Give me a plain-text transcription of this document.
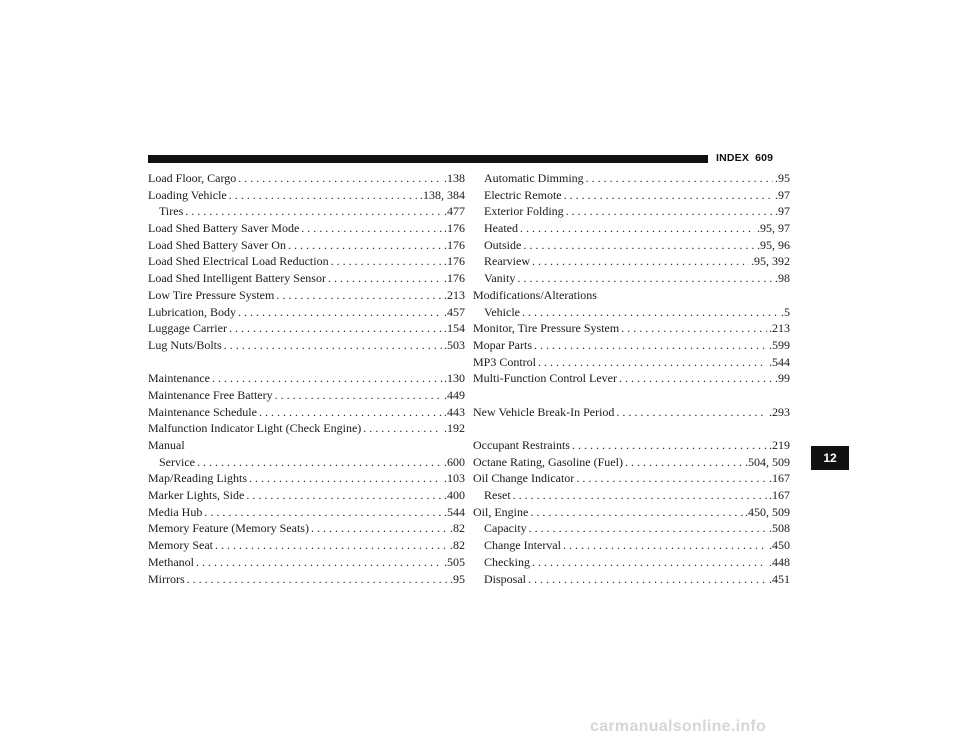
INDEX 609
Load Floor, Cargo . . .	.138
Loading Vehicle . . .	.138, 384
Tires . . .	.477
Load Shed Battery Saver Mode . . .	.176
Load Shed Battery Saver On . . .	.176
Load Shed Electrical Load Reduction . . .	.176
Load Shed Intelligent Battery Sensor . . .	.176
Low Tire Pressure System . . .	.213
Lubrication, Body . . .	.457
Luggage Carrier . . .	.154
Lug Nuts/Bolts . . .	.503
Maintenance . . .	.130
Maintenance Free Battery . . .	.449
Maintenance Schedule . . .	.443
Malfunction Indicator Light (Check Engine) . . .	.192
Manual
Service . . .	.600
Map/Reading Lights . . .	.103
Marker Lights, Side . . .	.400
Media Hub . . .	.544
Memory Feature (Memory Seats) . . .	.82
Memory Seat . . .	.82
Methanol . . .	.505
Mirrors . . .	.95
Automatic Dimming . . .	.95
Electric Remote . . .	.97
Exterior Folding . . .	.97
Heated . . .	.95, 97
Outside . . .	.95, 96
Rearview . . .	.95, 392
Vanity . . .	.98
Modifications/Alterations
Vehicle . . .	.5
Monitor, Tire Pressure System . . .	.213
Mopar Parts . . .	.599
MP3 Control . . .	.544
Multi-Function Control Lever . . .	.99
New Vehicle Break-In Period . . .	.293
Occupant Restraints . . .	.219
Octane Rating, Gasoline (Fuel) . . .	.504, 509
Oil Change Indicator . . .	.167
Reset . . .	.167
Oil, Engine . . .	.450, 509
Capacity . . .	.508
Change Interval . . .	.450
Checking . . .	.448
Disposal . . .	.451
12
carmanualsonline.info
